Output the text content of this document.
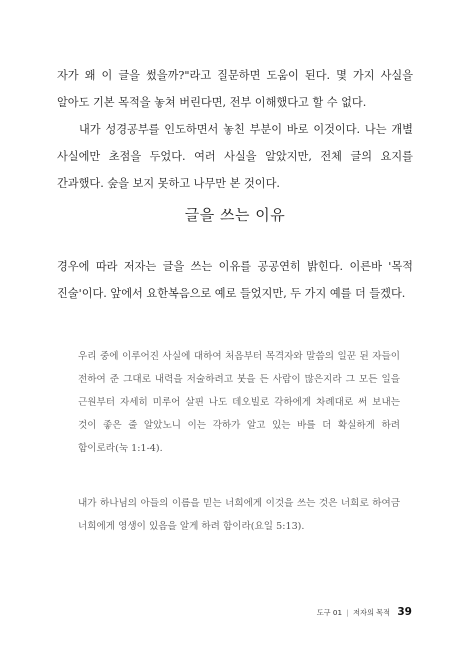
자가 왜 이 글을 썼을까?"라고 질문하면 도움이 된다. 몇 가지 사실을 알아도 기본 목적을 놓쳐 버린다면, 전부 이해했다고 할 수 없다.

내가 성경공부를 인도하면서 놓친 부분이 바로 이것이다. 나는 개별 사실에만 초점을 두었다. 여러 사실을 알았지만, 전체 글의 요지를 간과했다. 숲을 보지 못하고 나무만 본 것이다.

글을 쓰는 이유

경우에 따라 저자는 글을 쓰는 이유를 공공연히 밝힌다. 이른바 '목적 진술'이다. 앞에서 요한복음으로 예로 들었지만, 두 가지 예를 더 들겠다.

우리 중에 이루어진 사실에 대하여 처음부터 목격자와 말씀의 일꾼 된 자들이 전하여 준 그대로 내력을 저술하려고 붓을 든 사람이 많은지라 그 모든 일을 근원부터 자세히 미루어 살핀 나도 데오빌로 각하에게 차례대로 써 보내는 것이 좋은 줄 알았노니 이는 각하가 알고 있는 바를 더 확실하게 하려 함이로라(눅 1:1-4).

내가 하나님의 아들의 이름을 믿는 너희에게 이것을 쓰는 것은 너희로 하여금 너희에게 영생이 있음을 알게 하려 함이라(요일 5:13).

도구 01 | 저자의 목적 39
